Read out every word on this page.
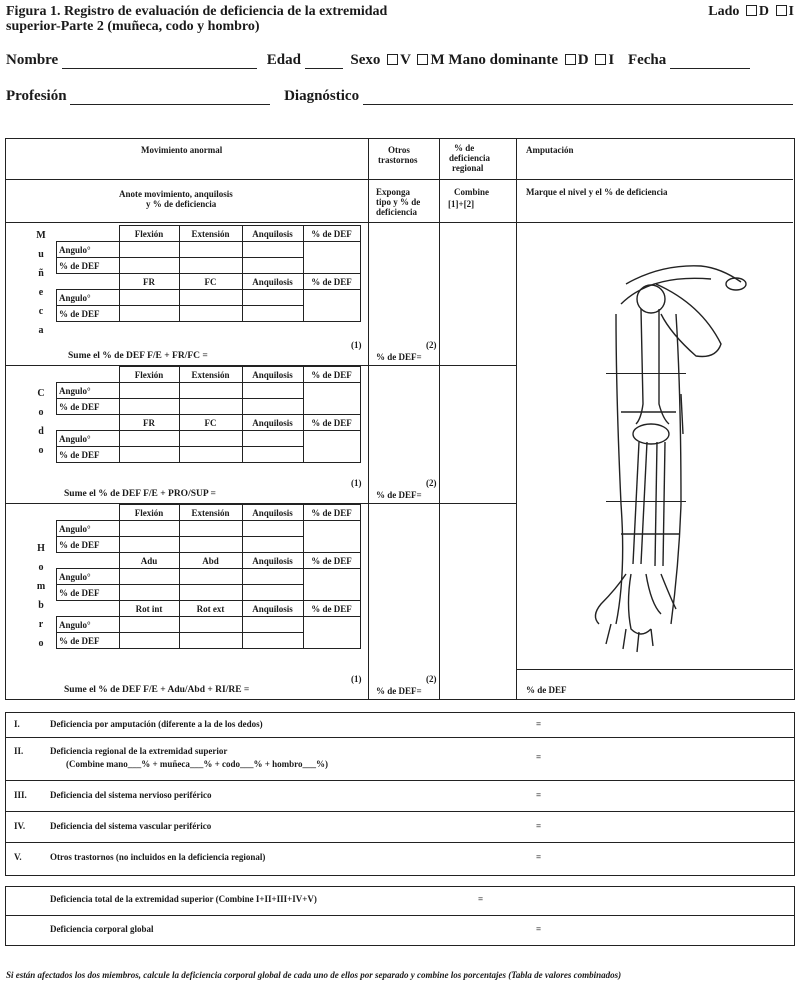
Figura 1. Registro de evaluación de deficiencia de la extremidad
superior-Parte 2 (muñeca, codo y hombro)
Lado D I
Nombre	Edad	Sexo V M Mano dominante D I Fecha
Profesión	Diagnóstico
Movimiento anormal
Anote movimiento, anquilosis
y % de deficiencia
Otros
trastornos
Exponga
tipo y % de
deficiencia
% de
deficiencia
regional
Combine
[1]+[2]
Amputación
Marque el nivel y el % de deficiencia
M
u
ñ
e
c
a
	Flexión	Extensión	Anquilosis	% de DEF
Angulo°				
% de DEF				
	FR	FC	Anquilosis	% de DEF
Angulo°				
% de DEF				
Sume el % de DEF F/E + FR/FC =
(1)	(2)
% de DEF=
C
o
d
o
	Flexión	Extensión	Anquilosis	% de DEF
Angulo°				
% de DEF				
	FR	FC	Anquilosis	% de DEF
Angulo°				
% de DEF				
Sume el % de DEF F/E + PRO/SUP =
(1)	(2)
% de DEF=
H
o
m
b
r
o
	Flexión	Extensión	Anquilosis	% de DEF
Angulo°				
% de DEF				
	Adu	Abd	Anquilosis	% de DEF
Angulo°				
% de DEF				
	Rot int	Rot ext	Anquilosis	% de DEF
Angulo°				
% de DEF				
Sume el % de DEF F/E + Adu/Abd + RI/RE =
(1)	(2)
% de DEF=	% de DEF
I.	Deficiencia por amputación (diferente a la de los dedos)	=
II.	Deficiencia regional de la extremidad superior
(Combine mano___% + muñeca___% + codo___% + hombro___%)
=
III.	Deficiencia del sistema nervioso periférico	=
IV.	Deficiencia del sistema vascular periférico	=
V.	Otros trastornos (no incluidos en la deficiencia regional)	=
Deficiencia total de la extremidad superior (Combine I+II+III+IV+V)	=
Deficiencia corporal global	=
Si están afectados los dos miembros, calcule la deficiencia corporal global de cada uno de ellos por separado y combine los porcentajes (Tabla de valores combinados)
